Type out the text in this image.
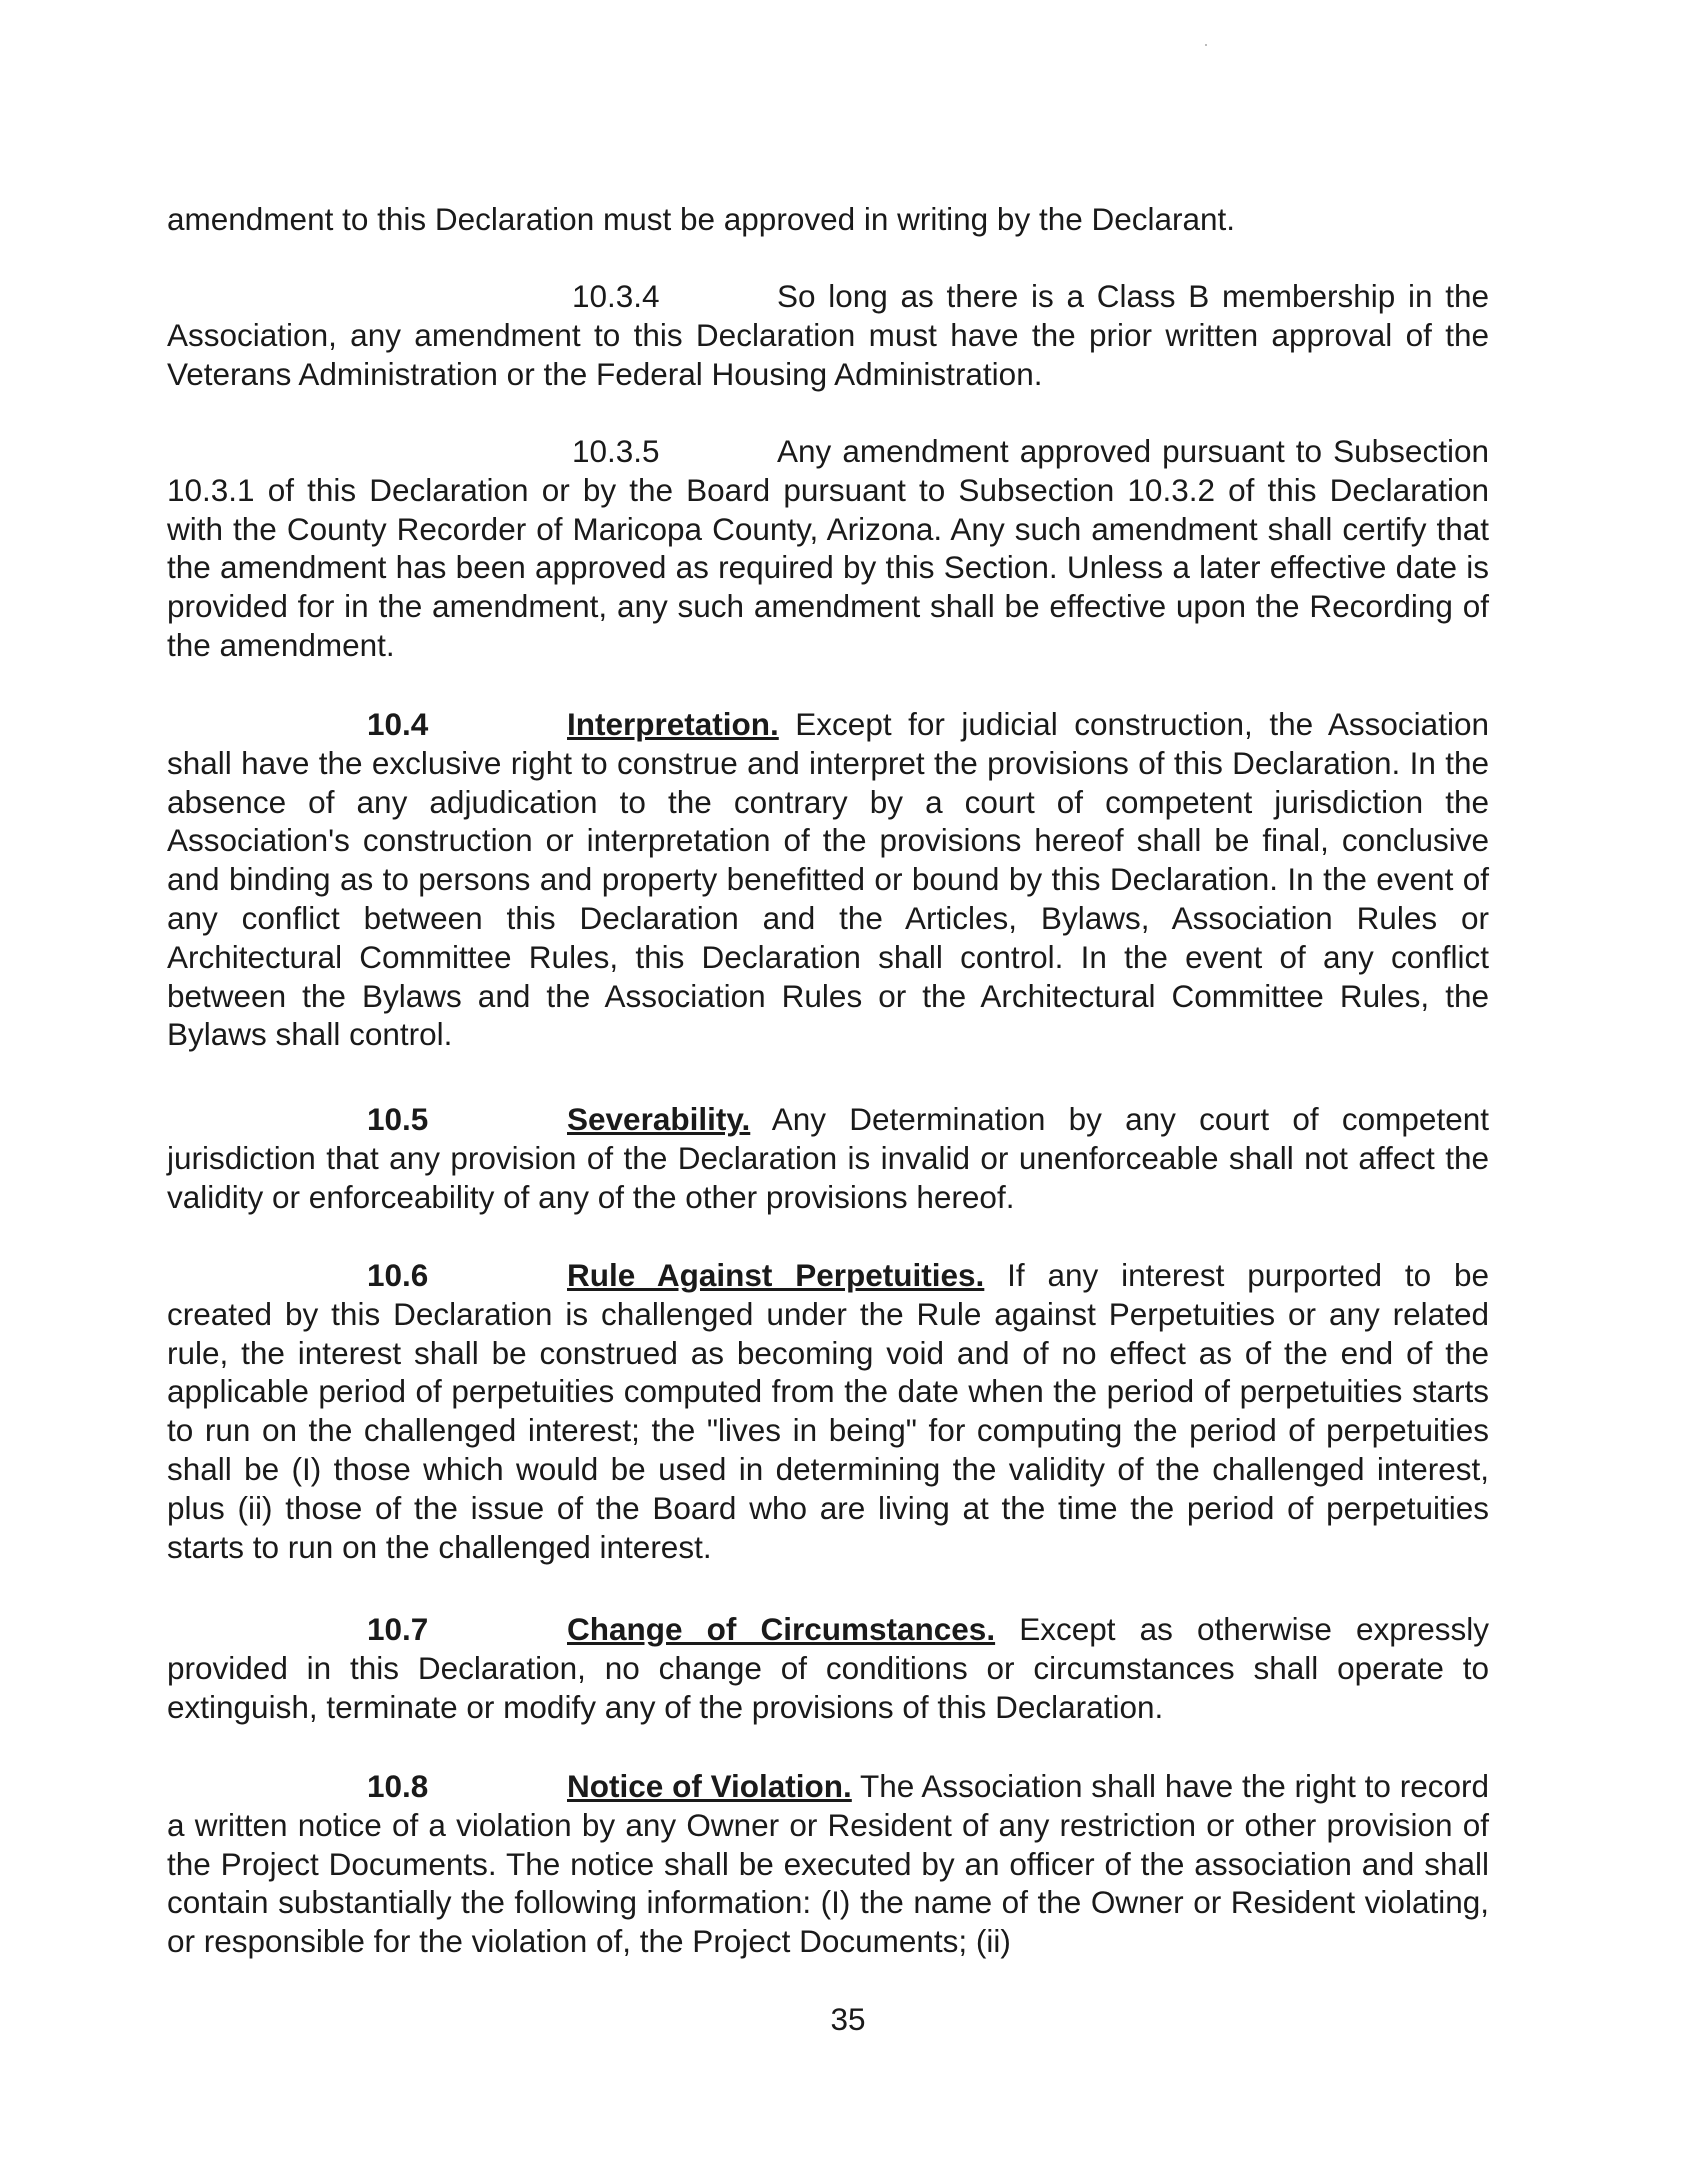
amendment to this Declaration must be approved in writing by the Declarant.

10.3.4	So long as there is a Class B membership in the Association, any amendment to this Declaration must have the prior written approval of the Veterans Administration or the Federal Housing Administration.

10.3.5	Any amendment approved pursuant to Subsection 10.3.1 of this Declaration or by the Board pursuant to Subsection 10.3.2 of this Declaration with the County Recorder of Maricopa County, Arizona. Any such amendment shall certify that the amendment has been approved as required by this Section. Unless a later effective date is provided for in the amendment, any such amendment shall be effective upon the Recording of the amendment.

10.4	Interpretation. Except for judicial construction, the Association shall have the exclusive right to construe and interpret the provisions of this Declaration. In the absence of any adjudication to the contrary by a court of competent jurisdiction the Association's construction or interpretation of the provisions hereof shall be final, conclusive and binding as to persons and property benefitted or bound by this Declaration. In the event of any conflict between this Declaration and the Articles, Bylaws, Association Rules or Architectural Committee Rules, this Declaration shall control. In the event of any conflict between the Bylaws and the Association Rules or the Architectural Committee Rules, the Bylaws shall control.

10.5	Severability. Any Determination by any court of competent jurisdiction that any provision of the Declaration is invalid or unenforceable shall not affect the validity or enforceability of any of the other provisions hereof.

10.6	Rule Against Perpetuities. If any interest purported to be created by this Declaration is challenged under the Rule against Perpetuities or any related rule, the interest shall be construed as becoming void and of no effect as of the end of the applicable period of perpetuities computed from the date when the period of perpetuities starts to run on the challenged interest; the "lives in being" for computing the period of perpetuities shall be (I) those which would be used in determining the validity of the challenged interest, plus (ii) those of the issue of the Board who are living at the time the period of perpetuities starts to run on the challenged interest.

10.7	Change of Circumstances. Except as otherwise expressly provided in this Declaration, no change of conditions or circumstances shall operate to extinguish, terminate or modify any of the provisions of this Declaration.

10.8	Notice of Violation. The Association shall have the right to record a written notice of a violation by any Owner or Resident of any restriction or other provision of the Project Documents. The notice shall be executed by an officer of the association and shall contain substantially the following information: (I) the name of the Owner or Resident violating, or responsible for the violation of, the Project Documents; (ii)

35
